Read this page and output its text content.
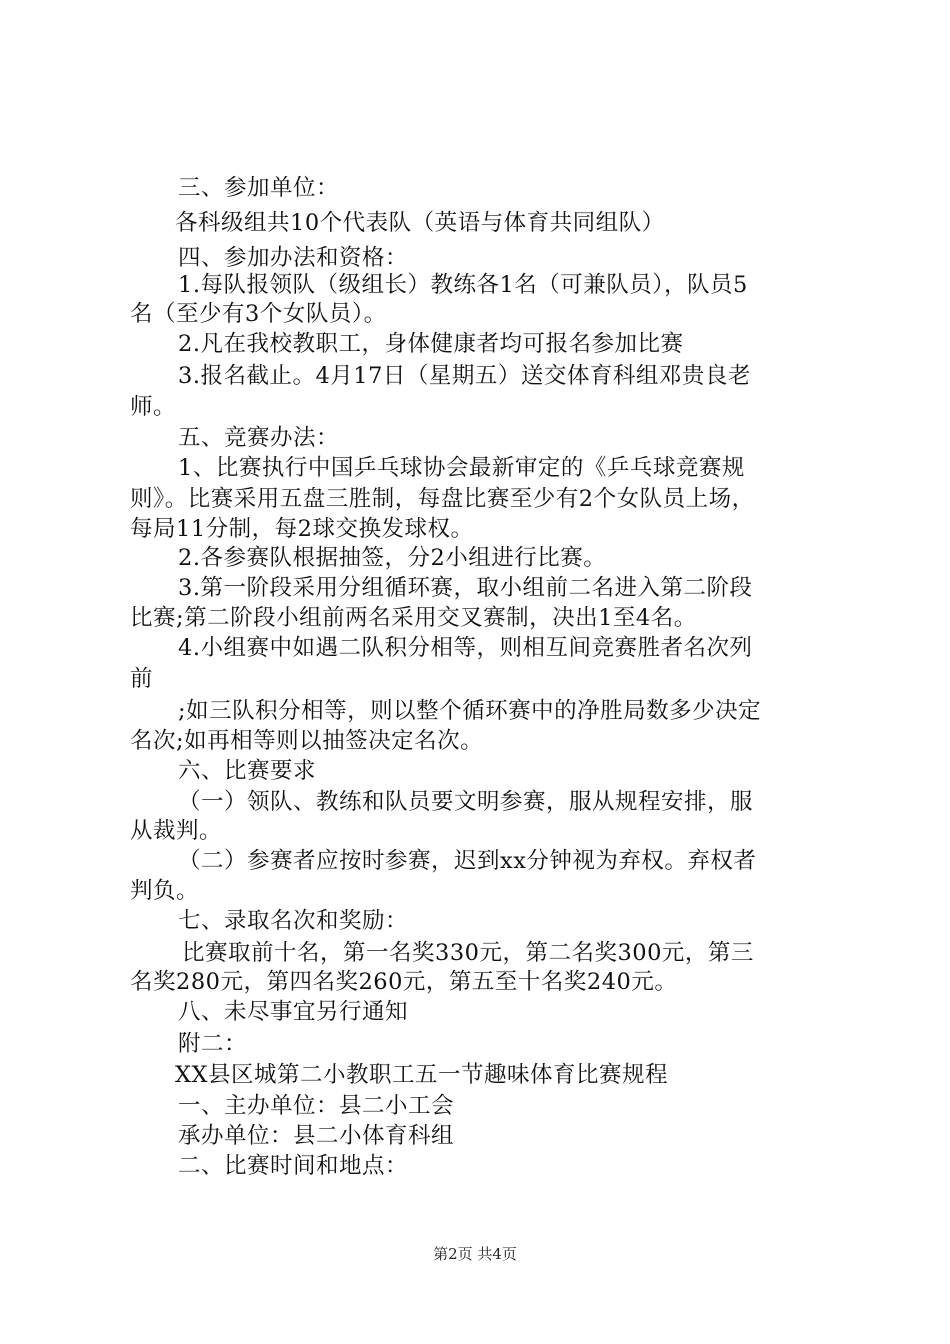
三、参加单位：
各科级组共10个代表队（英语与体育共同组队）
四、参加办法和资格：
1.每队报领队（级组长）教练各1名（可兼队员），队员5
名（至少有3个女队员）。
2.凡在我校教职工，身体健康者均可报名参加比赛
3.报名截止。4月17日（星期五）送交体育科组邓贵良老
师。
五、竞赛办法：
1、比赛执行中国乒乓球协会最新审定的《乒乓球竞赛规
则》。比赛采用五盘三胜制，每盘比赛至少有2个女队员上场，
每局11分制，每2球交换发球权。
2.各参赛队根据抽签，分2小组进行比赛。
3.第一阶段采用分组循环赛，取小组前二名进入第二阶段
比赛;第二阶段小组前两名采用交叉赛制，决出1至4名。
4.小组赛中如遇二队积分相等，则相互间竞赛胜者名次列
前
;如三队积分相等，则以整个循环赛中的净胜局数多少决定
名次;如再相等则以抽签决定名次。
六、比赛要求
（一）领队、教练和队员要文明参赛，服从规程安排，服
从裁判。
（二）参赛者应按时参赛，迟到xx分钟视为弃权。弃权者
判负。
七、录取名次和奖励：
比赛取前十名，第一名奖330元，第二名奖300元，第三
名奖280元，第四名奖260元，第五至十名奖240元。
八、未尽事宜另行通知
附二：
XX县区城第二小教职工五一节趣味体育比赛规程
一、主办单位：县二小工会
承办单位：县二小体育科组
二、比赛时间和地点：
第2页 共4页
